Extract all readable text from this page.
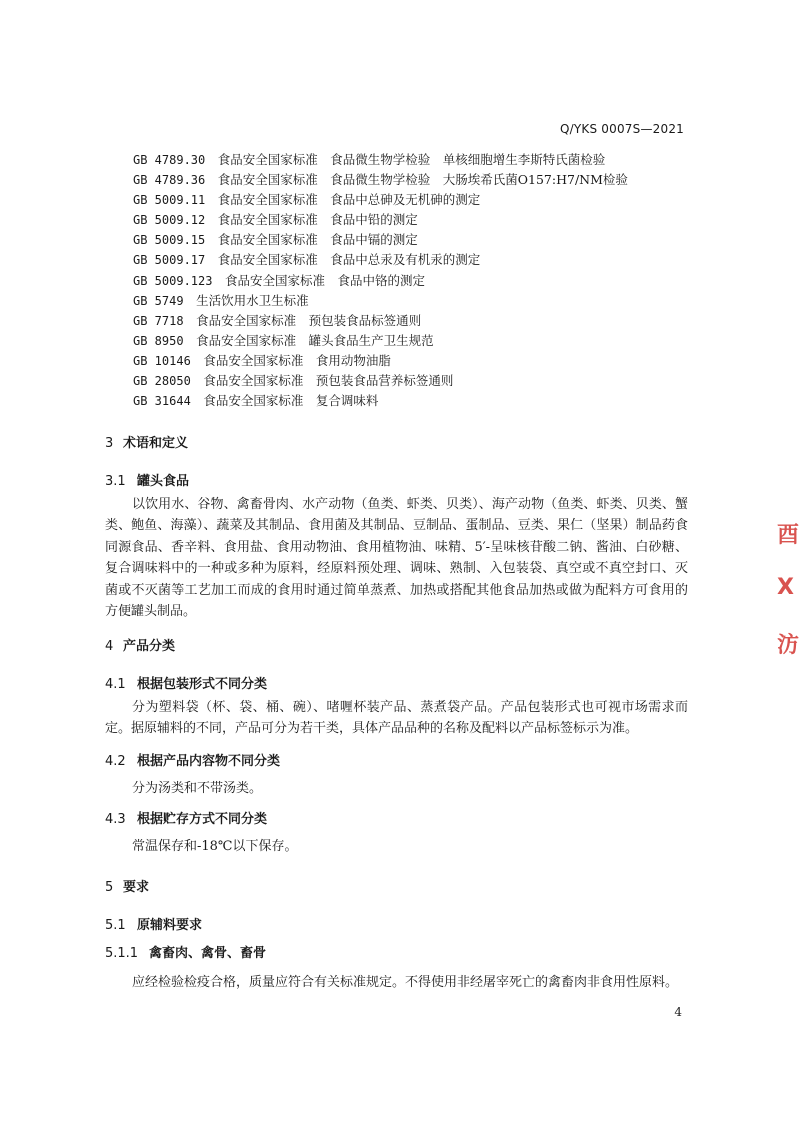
Q/YKS 0007S—2021
GB 4789.30　 食品安全国家标准　食品微生物学检验　单核细胞增生李斯特氏菌检验
GB 4789.36　 食品安全国家标准　食品微生物学检验　大肠埃希氏菌O157:H7/NM检验
GB 5009.11　 食品安全国家标准　食品中总砷及无机砷的测定
GB 5009.12　 食品安全国家标准　食品中铅的测定
GB 5009.15　 食品安全国家标准　食品中镉的测定
GB 5009.17　 食品安全国家标准　食品中总汞及有机汞的测定
GB 5009.123　 食品安全国家标准　食品中铬的测定
GB 5749　 生活饮用水卫生标准
GB 7718　 食品安全国家标准　预包装食品标签通则
GB 8950　 食品安全国家标准　罐头食品生产卫生规范
GB 10146　 食品安全国家标准　食用动物油脂
GB 28050　 食品安全国家标准　预包装食品营养标签通则
GB 31644　 食品安全国家标准　复合调味料
3 术语和定义
3.1 罐头食品

以饮用水、谷物、禽畜骨肉、水产动物（鱼类、虾类、贝类）、海产动物（鱼类、虾类、贝类、蟹类、鲍鱼、海藻）、蔬菜及其制品、食用菌及其制品、豆制品、蛋制品、豆类、果仁（坚果）制品药食同源食品、香辛料、食用盐、食用动物油、食用植物油、味精、5′-呈味核苷酸二钠、酱油、白砂糖、复合调味料中的一种或多种为原料，经原料预处理、调味、熟制、入包装袋、真空或不真空封口、灭菌或不灭菌等工艺加工而成的食用时通过简单蒸煮、加热或搭配其他食品加热或做为配料方可食用的方便罐头制品。

4 产品分类
4.1 根据包装形式不同分类

分为塑料袋（杯、袋、桶、碗）、啫喱杯装产品、蒸煮袋产品。产品包装形式也可视市场需求而定。据原辅料的不同，产品可分为若干类，具体产品品种的名称及配料以产品标签标示为准。

4.2 根据产品内容物不同分类
分为汤类和不带汤类。
4.3 根据贮存方式不同分类
常温保存和-18℃以下保存。
5 要求
5.1 原辅料要求
5.1.1 禽畜肉、禽骨、畜骨
应经检验检疫合格，质量应符合有关标准规定。不得使用非经屠宰死亡的禽畜肉非食用性原料。
4
酉
X
汸
